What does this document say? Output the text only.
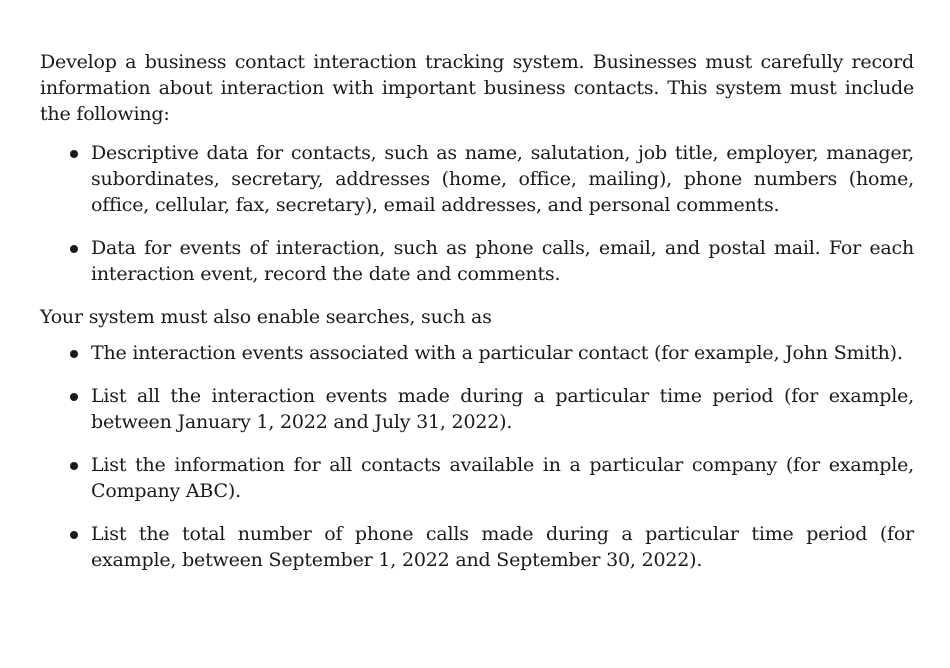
Develop a business contact interaction tracking system. Businesses must carefully record information about interaction with important business contacts. This system must include the following:

Descriptive data for contacts, such as name, salutation, job title, employer, manager, subordinates, secretary, addresses (home, office, mailing), phone numbers (home, office, cellular, fax, secretary), email addresses, and personal comments.
Data for events of interaction, such as phone calls, email, and postal mail. For each interaction event, record the date and comments.

Your system must also enable searches, such as

The interaction events associated with a particular contact (for example, John Smith).
List all the interaction events made during a particular time period (for example, between January 1, 2022 and July 31, 2022).
List the information for all contacts available in a particular company (for example, Company ABC).
List the total number of phone calls made during a particular time period (for example, between September 1, 2022 and September 30, 2022).
